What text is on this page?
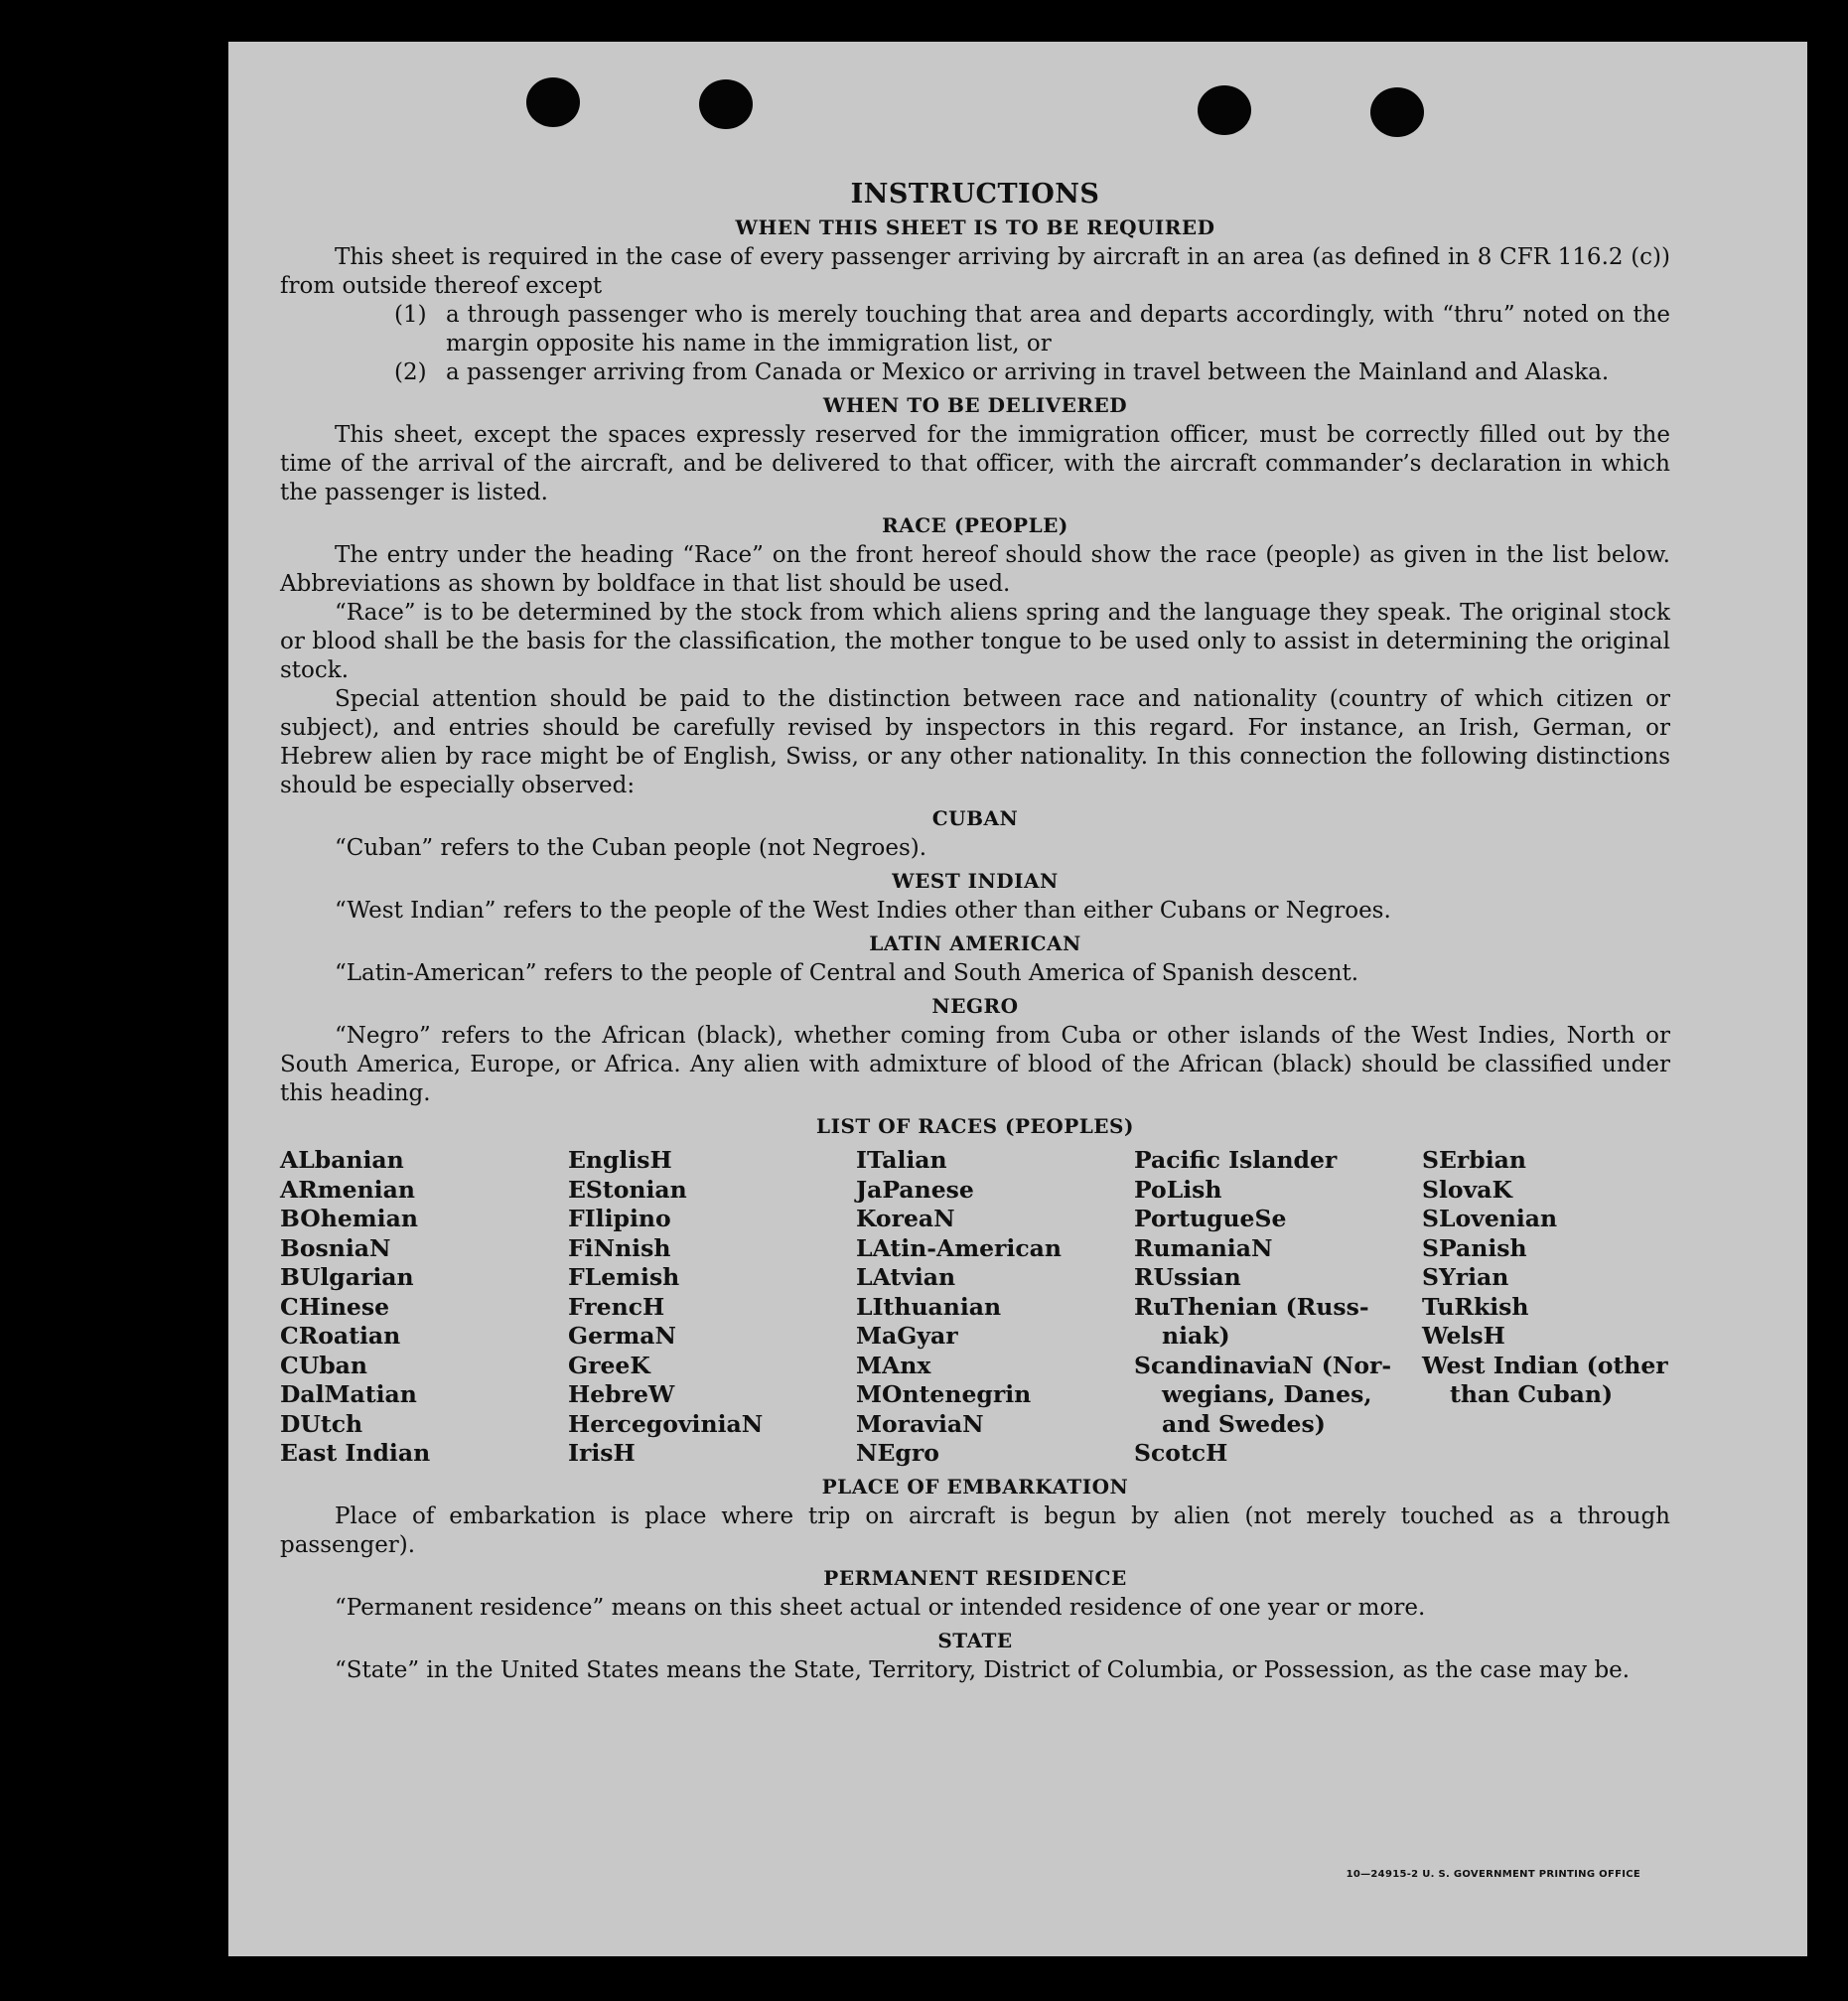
INSTRUCTIONS
WHEN THIS SHEET IS TO BE REQUIRED

This sheet is required in the case of every passenger arriving by aircraft in an area (as defined in 8 CFR 116.2 (c)) from outside thereof except

(1) a through passenger who is merely touching that area and departs accordingly, with “thru” noted on the margin opposite his name in the immigration list, or
(2) a passenger arriving from Canada or Mexico or arriving in travel between the Mainland and Alaska.
WHEN TO BE DELIVERED

This sheet, except the spaces expressly reserved for the immigration officer, must be correctly filled out by the time of the arrival of the aircraft, and be delivered to that officer, with the aircraft commander’s declaration in which the passenger is listed.

RACE (PEOPLE)

The entry under the heading “Race” on the front hereof should show the race (people) as given in the list below. Abbreviations as shown by boldface in that list should be used.

“Race” is to be determined by the stock from which aliens spring and the language they speak. The original stock or blood shall be the basis for the classification, the mother tongue to be used only to assist in determining the original stock.

Special attention should be paid to the distinction between race and nationality (country of which citizen or subject), and entries should be carefully revised by inspectors in this regard. For instance, an Irish, German, or Hebrew alien by race might be of English, Swiss, or any other nationality. In this connection the following distinctions should be especially observed:

CUBAN

“Cuban” refers to the Cuban people (not Negroes).

WEST INDIAN

“West Indian” refers to the people of the West Indies other than either Cubans or Negroes.

LATIN AMERICAN

“Latin-American” refers to the people of Central and South America of Spanish descent.

NEGRO

“Negro” refers to the African (black), whether coming from Cuba or other islands of the West Indies, North or South America, Europe, or Africa. Any alien with admixture of blood of the African (black) should be classified under this heading.

LIST OF RACES (PEOPLES)
ALbanian
ARmenian
BOhemian
BosniaN
BUlgarian
CHinese
CRoatian
CUban
DalMatian
DUtch
East Indian
EnglisH
EStonian
FIlipino
FiNnish
FLemish
FrencH
GermaN
GreeK
HebreW
HercegoviniaN
IrisH
ITalian
JaPanese
KoreaN
LAtin-American
LAtvian
LIthuanian
MaGyar
MAnx
MOntenegrin
MoraviaN
NEgro
Pacific Islander
PoLish
PortugueSe
RumaniaN
RUssian
RuThenian (Russ-
niak)
ScandinaviaN (Nor-
wegians, Danes,
and Swedes)
ScotcH
SErbian
SlovaK
SLovenian
SPanish
SYrian
TuRkish
WelsH
West Indian (other
than Cuban)
PLACE OF EMBARKATION

Place of embarkation is place where trip on aircraft is begun by alien (not merely touched as a through passenger).

PERMANENT RESIDENCE

“Permanent residence” means on this sheet actual or intended residence of one year or more.

STATE

“State” in the United States means the State, Territory, District of Columbia, or Possession, as the case may be.

10—24915-2 U. S. GOVERNMENT PRINTING OFFICE
